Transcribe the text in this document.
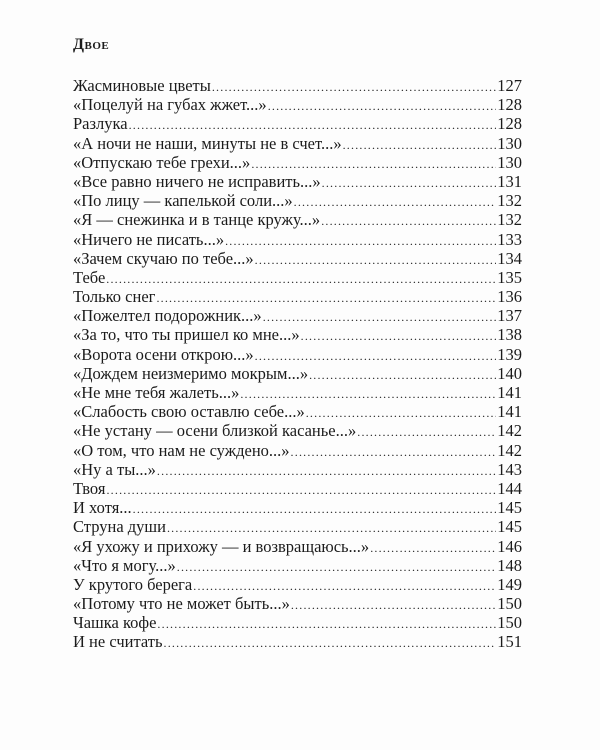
Двое
Жасминовые цветы .....	127
«Поцелуй на губах жжет...» .....	128
Разлука .....	128
«А ночи не наши, минуты не в счет...» .....	130
«Отпускаю тебе грехи...» .....	130
«Все равно ничего не исправить...» .....	131
«По лицу — капелькой соли...» .....	132
«Я — снежинка и в танце кружу...» .....	132
«Ничего не писать...» .....	133
«Зачем скучаю по тебе...» .....	134
Тебе .....	135
Только снег .....	136
«Пожелтел подорожник...» .....	137
«За то, что ты пришел ко мне...» .....	138
«Ворота осени открою...» .....	139
«Дождем неизмеримо мокрым...» .....	140
«Не мне тебя жалеть...» .....	141
«Слабость свою оставлю себе...» .....	141
«Не устану — осени близкой касанье...» .....	142
«О том, что нам не суждено...» .....	142
«Ну а ты...» .....	143
Твоя .....	144
И хотя... .....	145
Струна души .....	145
«Я ухожу и прихожу — и возвращаюсь...» .....	146
«Что я могу...» .....	148
У крутого берега .....	149
«Потому что не может быть...» .....	150
Чашка кофе .....	150
И не считать .....	151
